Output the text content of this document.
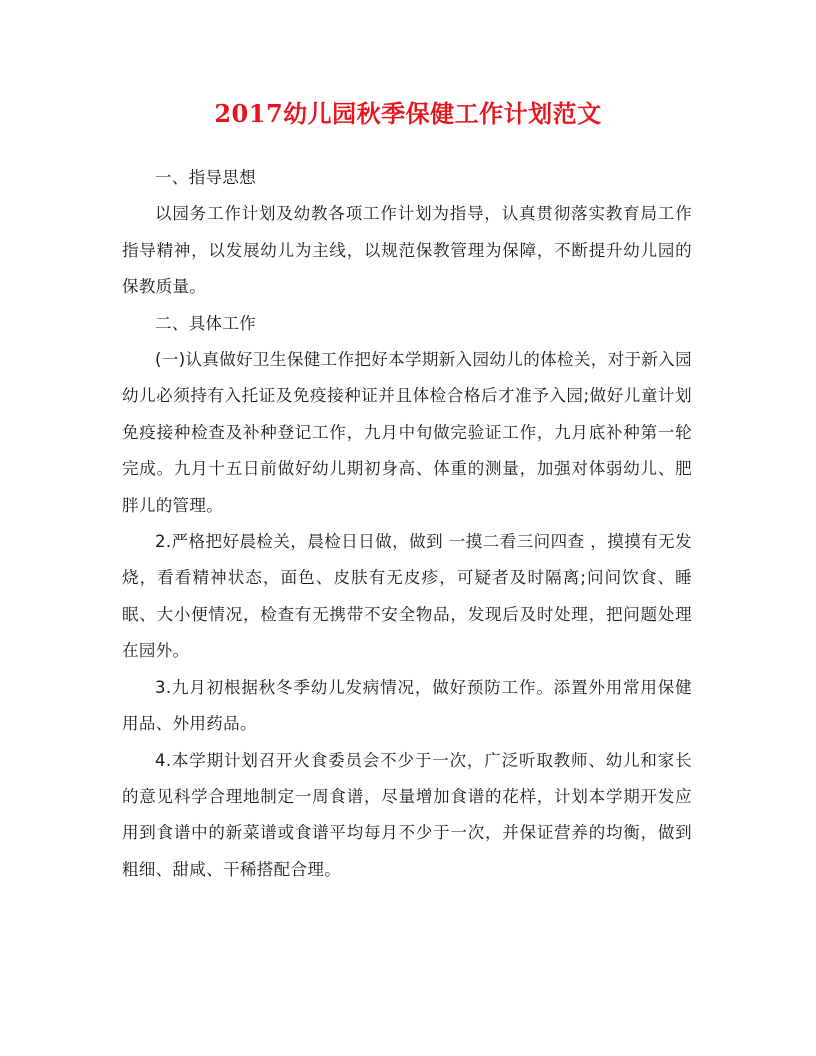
2017幼儿园秋季保健工作计划范文

一、指导思想

以园务工作计划及幼教各项工作计划为指导，认真贯彻落实教育局工作指导精神，以发展幼儿为主线，以规范保教管理为保障，不断提升幼儿园的保教质量。

二、具体工作

(一)认真做好卫生保健工作把好本学期新入园幼儿的体检关，对于新入园幼儿必须持有入托证及免疫接种证并且体检合格后才准予入园;做好儿童计划免疫接种检查及补种登记工作，九月中旬做完验证工作，九月底补种第一轮完成。九月十五日前做好幼儿期初身高、体重的测量，加强对体弱幼儿、肥胖儿的管理。

2.严格把好晨检关，晨检日日做，做到 一摸二看三问四查 ，摸摸有无发烧，看看精神状态，面色、皮肤有无皮疹，可疑者及时隔离;问问饮食、睡眠、大小便情况，检查有无携带不安全物品，发现后及时处理，把问题处理在园外。

3.九月初根据秋冬季幼儿发病情况，做好预防工作。添置外用常用保健用品、外用药品。

4.本学期计划召开火食委员会不少于一次，广泛听取教师、幼儿和家长的意见科学合理地制定一周食谱，尽量增加食谱的花样，计划本学期开发应用到食谱中的新菜谱或食谱平均每月不少于一次，并保证营养的均衡，做到粗细、甜咸、干稀搭配合理。
